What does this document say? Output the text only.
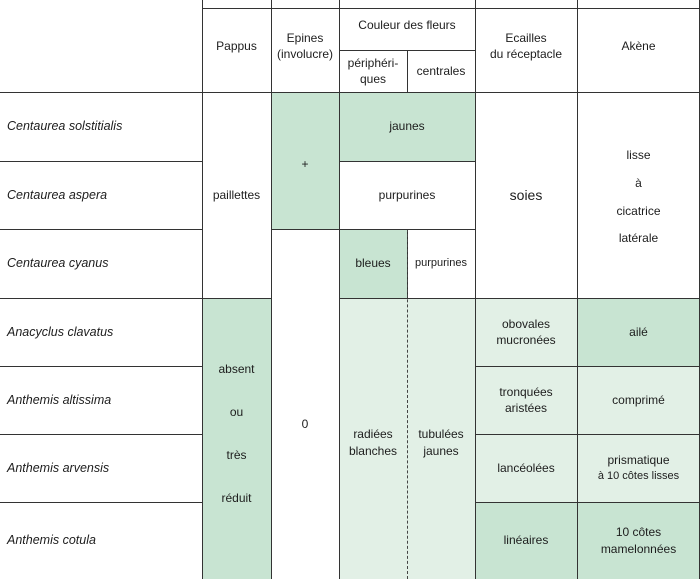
Pappus
Epines
(involucre)
Couleur des fleurs
périphéri-
ques
centrales
Ecailles
du réceptacle
Akène
Centaurea solstitialis
Centaurea aspera
Centaurea cyanus
Anacyclus clavatus
Anthemis altissima
Anthemis arvensis
Anthemis cotula
paillettes
absent
ou
très
réduit
+
0
jaunes
purpurines
bleues purpurines
radiées
blanches
tubulées
jaunes
soies
obovales
mucronées
tronquées
aristées
lancéolées
linéaires
lisse
à
cicatrice
latérale
ailé
comprimé
prismatique
à 10 côtes lisses
10 côtes
mamelonnées
